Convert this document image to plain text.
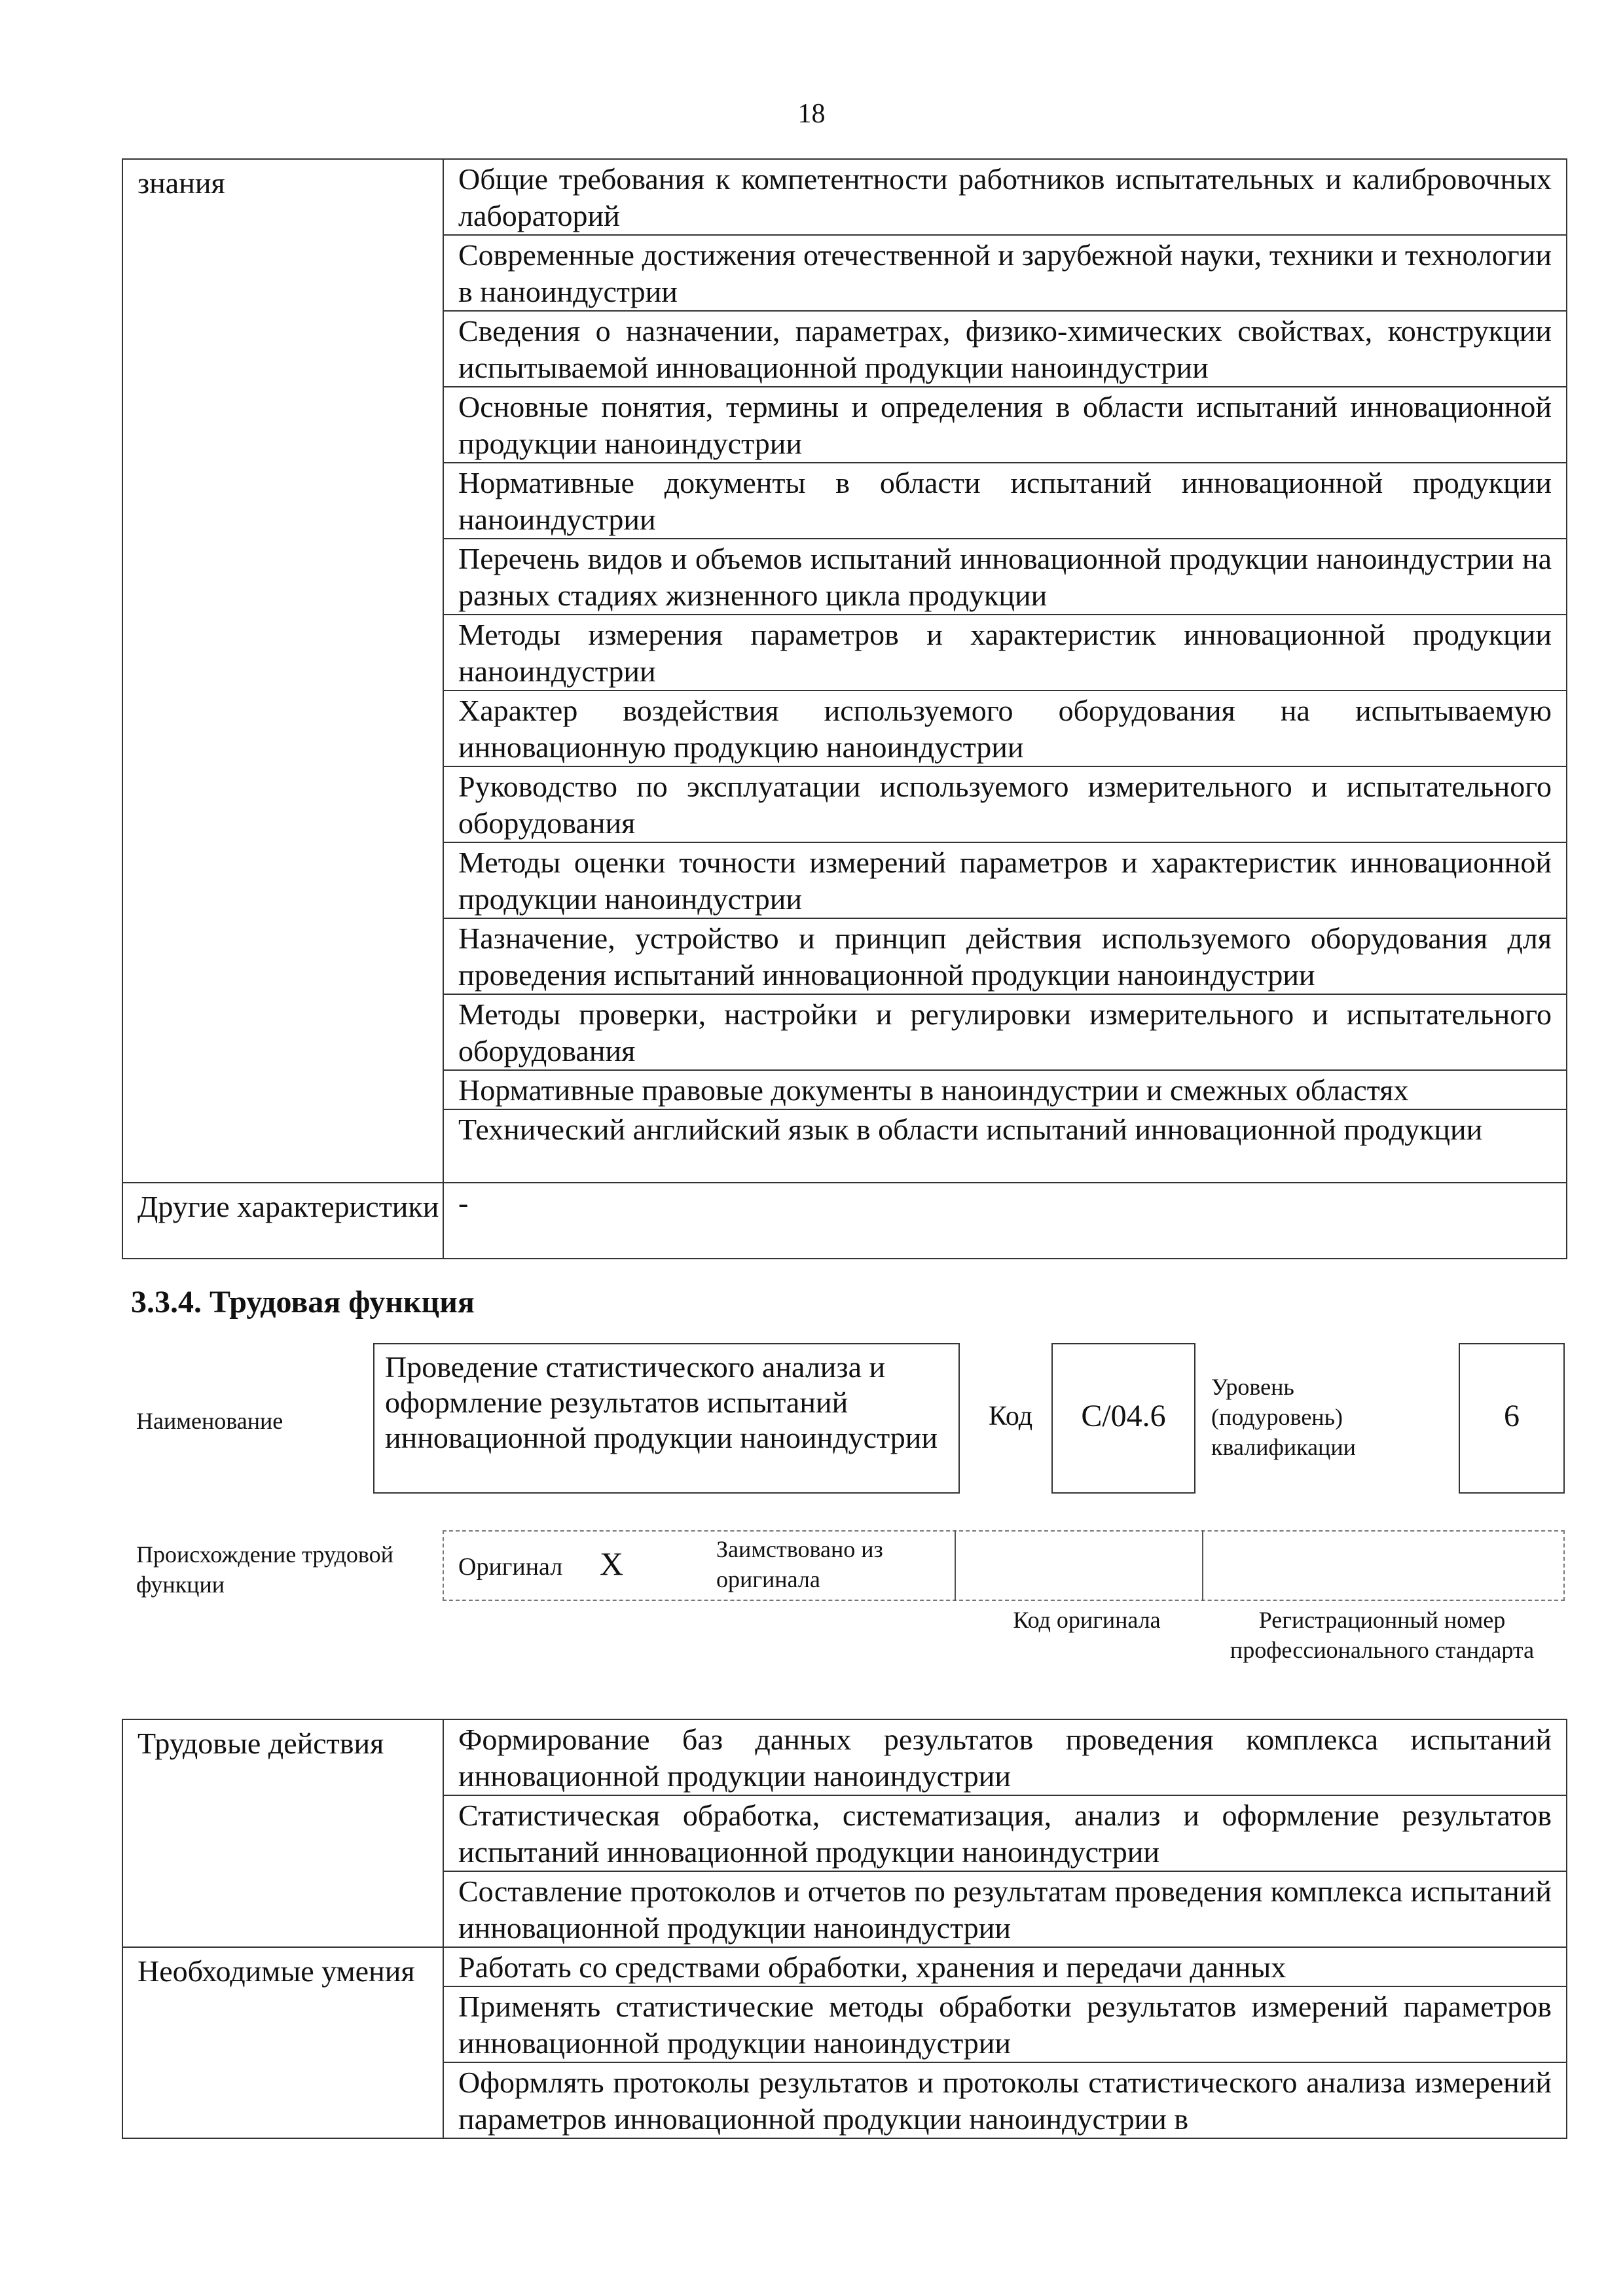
18
знания	Общие требования к компетентности работников испытательных и калибровочных лабораторий
	Современные достижения отечественной и зарубежной науки, техники и технологии в наноиндустрии
	Сведения о назначении, параметрах, физико-химических свойствах, конструкции испытываемой инновационной продукции наноиндустрии
	Основные понятия, термины и определения в области испытаний инновационной продукции наноиндустрии
	Нормативные документы в области испытаний инновационной продукции наноиндустрии
	Перечень видов и объемов испытаний инновационной продукции наноиндустрии на разных стадиях жизненного цикла продукции
	Методы измерения параметров и характеристик инновационной продукции наноиндустрии
	Характер воздействия используемого оборудования на испытываемую инновационную продукцию наноиндустрии
	Руководство по эксплуатации используемого измерительного и испытательного оборудования
	Методы оценки точности измерений параметров и характеристик инновационной продукции наноиндустрии
	Назначение, устройство и принцип действия используемого оборудования для проведения испытаний инновационной продукции наноиндустрии
	Методы проверки, настройки и регулировки измерительного и испытательного оборудования
	Нормативные правовые документы в наноиндустрии и смежных областях
	Технический английский язык в области испытаний инновационной продукции
Другие характеристики	-
3.3.4. Трудовая функция
Наименование
Проведение статистического анализа и оформление результатов испытаний инновационной продукции наноиндустрии
Код	C/04.6
Уровень (подуровень) квалификации
6
Происхождение трудовой функции
Оригинал X	Заимствовано из оригинала
Код оригинала	Регистрационный номер профессионального стандарта
Трудовые действия	Формирование баз данных результатов проведения комплекса испытаний инновационной продукции наноиндустрии
	Статистическая обработка, систематизация, анализ и оформление результатов испытаний инновационной продукции наноиндустрии
	Составление протоколов и отчетов по результатам проведения комплекса испытаний инновационной продукции наноиндустрии
Необходимые умения	Работать со средствами обработки, хранения и передачи данных
	Применять статистические методы обработки результатов измерений параметров инновационной продукции наноиндустрии
	Оформлять протоколы результатов и протоколы статистического анализа измерений параметров инновационной продукции наноиндустрии в
